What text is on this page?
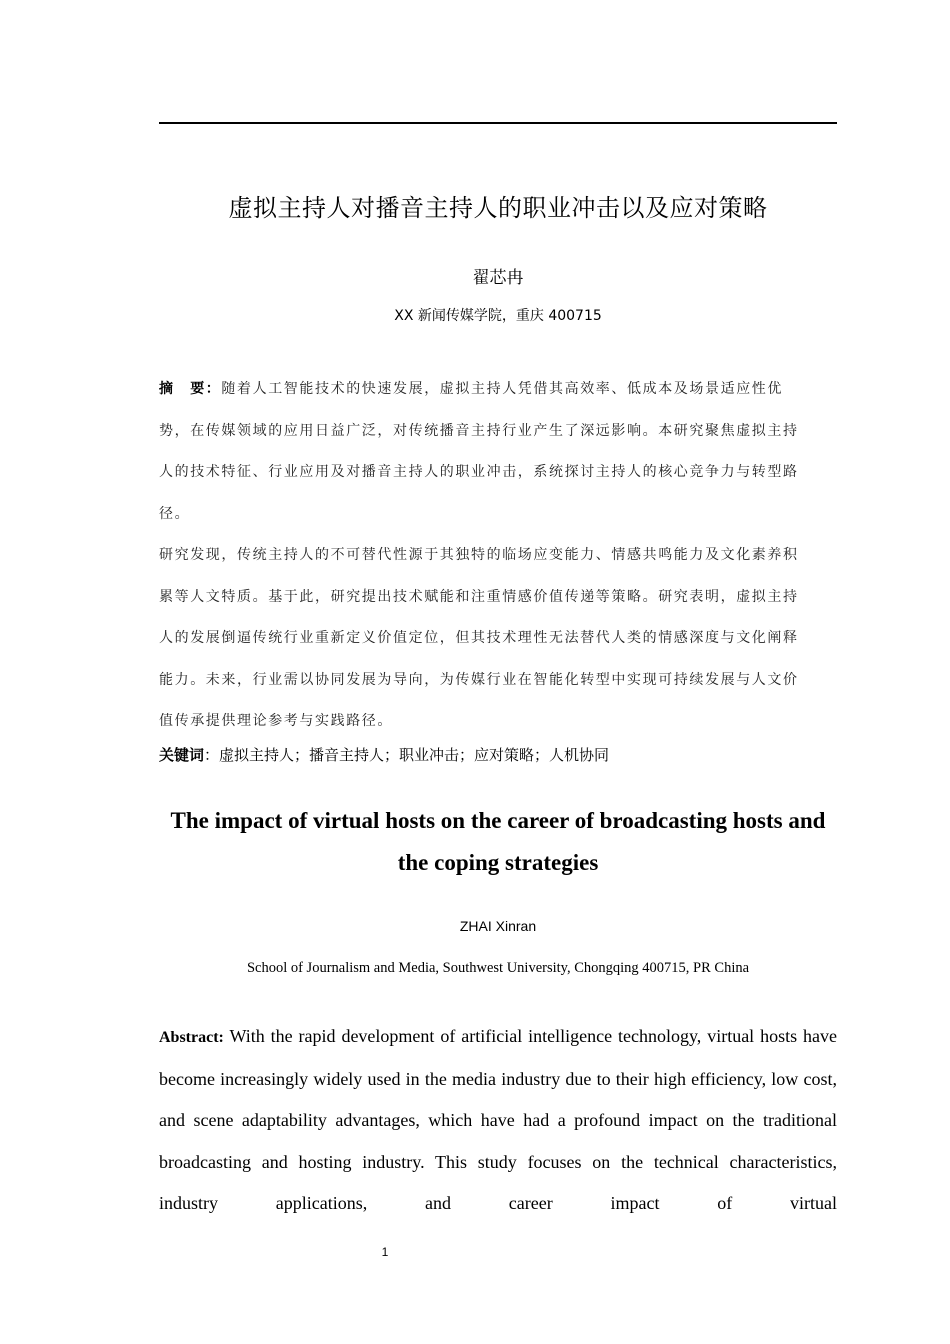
虚拟主持人对播音主持人的职业冲击以及应对策略
翟芯冉
XX 新闻传媒学院，重庆 400715

摘　要：随着人工智能技术的快速发展，虚拟主持人凭借其高效率、低成本及场景适应性优势，在传媒领域的应用日益广泛，对传统播音主持行业产生了深远影响。本研究聚焦虚拟主持人的技术特征、行业应用及对播音主持人的职业冲击，系统探讨主持人的核心竞争力与转型路径。

研究发现，传统主持人的不可替代性源于其独特的临场应变能力、情感共鸣能力及文化素养积累等人文特质。基于此，研究提出技术赋能和注重情感价值传递等策略。研究表明，虚拟主持人的发展倒逼传统行业重新定义价值定位，但其技术理性无法替代人类的情感深度与文化阐释能力。未来，行业需以协同发展为导向，为传媒行业在智能化转型中实现可持续发展与人文价值传承提供理论参考与实践路径。

关键词：虚拟主持人；播音主持人；职业冲击；应对策略；人机协同
The impact of virtual hosts on the career of broadcasting hosts and the coping strategies
ZHAI Xinran
School of Journalism and Media, Southwest University, Chongqing 400715, PR China
Abstract: With the rapid development of artificial intelligence technology, virtual hosts have become increasingly widely used in the media industry due to their high efficiency, low cost, and scene adaptability advantages, which have had a profound impact on the traditional broadcasting and hosting industry. This study focuses on the technical characteristics, industry applications, and career impact of virtual
1
